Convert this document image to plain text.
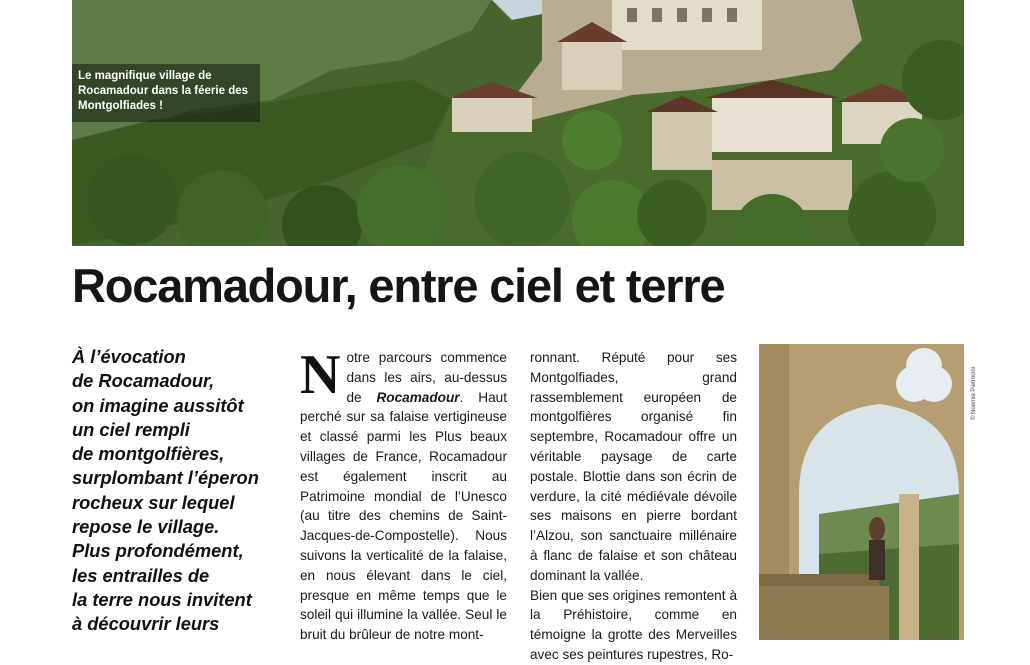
Le magnifique village de Rocamadour dans la féerie des Montgolfiades !
Rocamadour, entre ciel et terre
À l’évocation
de Rocamadour,
on imagine aussitôt
un ciel rempli
de montgolfières,
surplombant l’éperon
rocheux sur lequel
repose le village.
Plus profondément,
les entrailles de
la terre nous invitent
à découvrir leurs
Notre parcours commence dans les airs, au-dessus de Rocamadour. Haut perché sur sa falaise vertigineuse et classé parmi les Plus beaux villages de France, Rocamadour est également inscrit au Patrimoine mondial de l’Unesco (au titre des chemins de Saint-Jacques-de-Compostelle). Nous suivons la verticalité de la falaise, en nous élevant dans le ciel, presque en même temps que le soleil qui illumine la vallée. Seul le bruit du brûleur de notre mont-
ronnant. Réputé pour ses Montgolfiades, grand rassemblement européen de montgolfières organisé fin septembre, Rocamadour offre un véritable paysage de carte postale. Blottie dans son écrin de verdure, la cité médiévale dévoile ses maisons en pierre bordant l’Alzou, son sanctuaire millénaire à flanc de falaise et son château dominant la vallée.
Bien que ses origines remontent à la Préhistoire, comme en témoigne la grotte des Merveilles avec ses peintures rupestres, Ro-
© Noemie Pietrocini
